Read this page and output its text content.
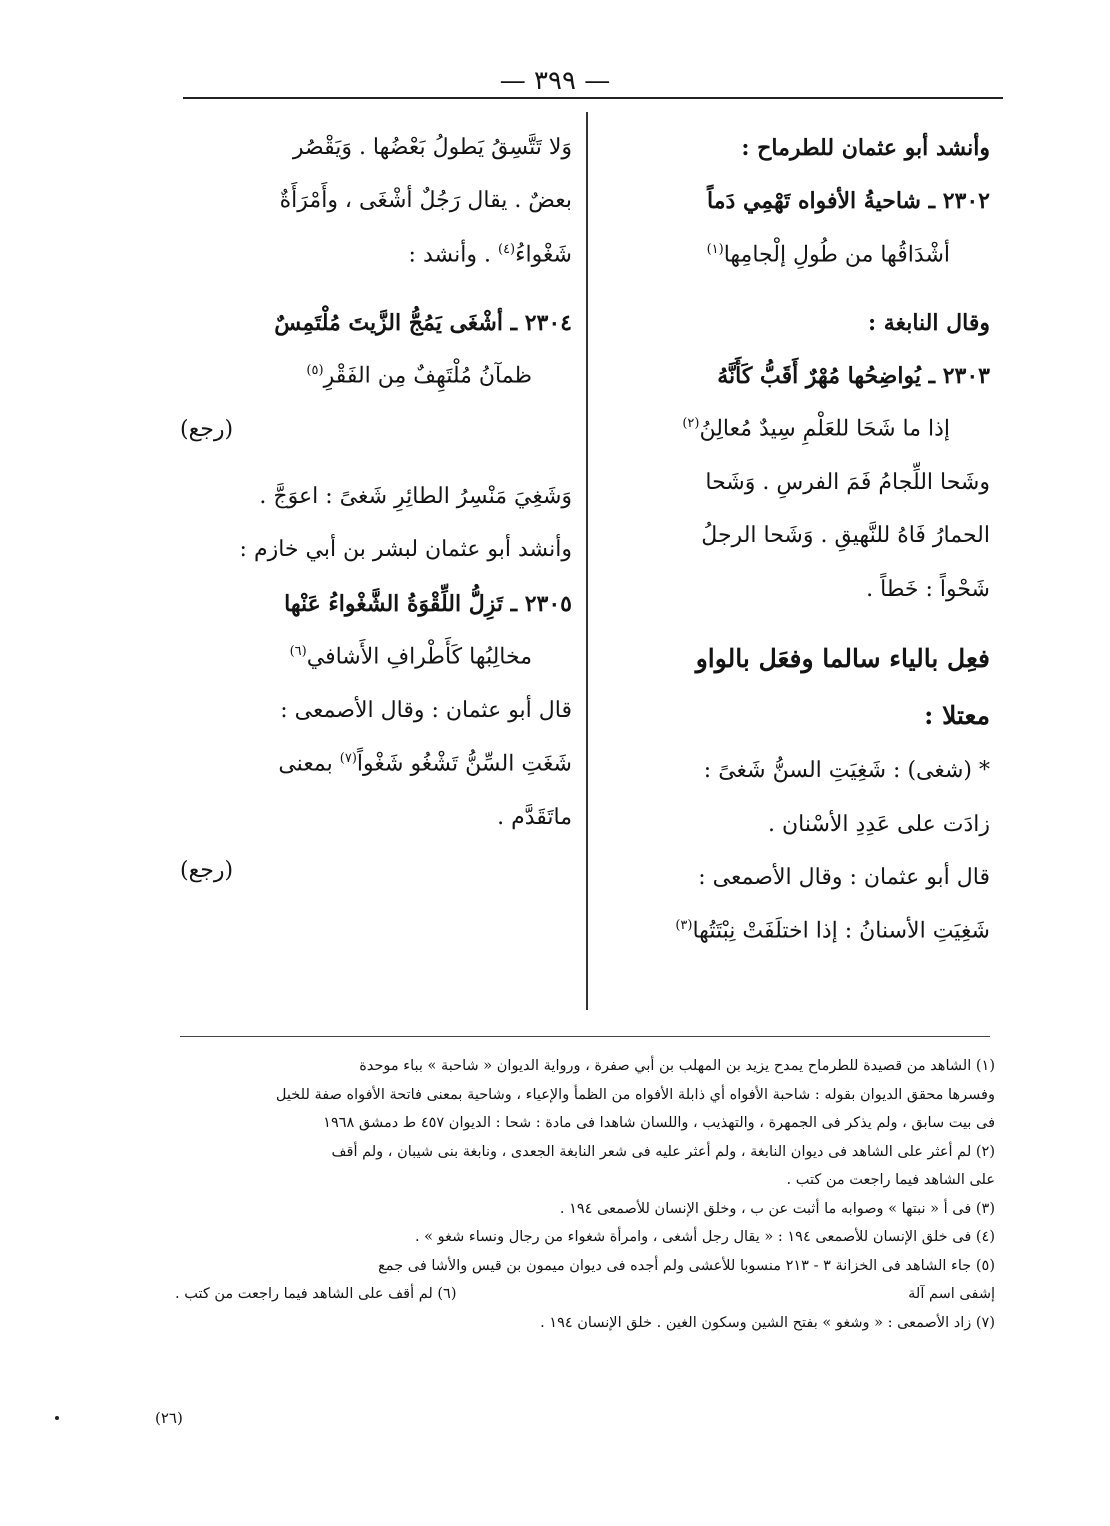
— ٣٩٩ —
وأنشد أبو عثمان للطرماح :
٢٣٠٢ ـ شاحيةُ الأفواه تَهْمِي دَماً
أشْدَاقُها من طُولِ إلْجامِها$^{(١)}$
وقال النابغة :
٢٣٠٣ ـ يُواضِحُها مُهْرٌ أَقَبُّ كَأَنَّهُ
إذا ما شَحَا للعَلْمِ سِيدٌ مُعالِنُ$^{(٢)}$
وشَحا اللِّجامُ فَمَ الفرسِ . وَشَحا
الحمارُ فَاهُ للنَّهيقِ . وَشَحا الرجلُ
شَحْواً : خَطاً .
فعِل بالياء سالما وفعَل بالواو
معتلا :
* (شغى) : شَغِيَتِ السنُّ شَغىً :
زادَت على عَدِدِ الأسْنان .
قال أبو عثمان : وقال الأصمعى :
شَغِيَتِ الأسنانُ : إذا اختلَفَتْ نِبْتَتُها$^{(٣)}$
وَلا تَتَّسِقُ يَطولُ بَعْضُها . وَيَقْصُر
بعضٌ . يقال رَجُلٌ أشْغَى ، وأَمْرَأَةٌ
شَغْواءُ$^{(٤)}$ . وأنشد :
٢٣٠٤ ـ أشْغَى يَمُجُّ الزَّيتَ مُلْتَمِسٌ
ظمآنُ مُلْتَهِفٌ مِن الفَقْرِ$^{(٥)}$
(رجع)
وَشَغِيَ مَنْسِرُ الطائِرِ شَغىً : اعوَجَّ .
وأنشد أبو عثمان لبشر بن أبي خازم :
٢٣٠٥ ـ تَزِلُّ اللِّقْوَةُ الشَّغْواءُ عَنْها
مخالِبُها كَأَطْرافِ الأَشافي$^{(٦)}$
قال أبو عثمان : وقال الأصمعى :
شَغَتِ السِّنُّ تَشْغُو شَغْواً$^{(٧)}$ بمعنى
ماتَقَدَّم .
(رجع)
(١) الشاهد من قصيدة للطرماح يمدح يزيد بن المهلب بن أبي صفرة ، ورواية الديوان « شاحبة » بباء موحدة
وفسرها محقق الديوان بقوله : شاحبة الأفواه أي ذابلة الأفواه من الظمأ والإعياء ، وشاحية بمعنى فاتحة الأفواه صفة للخيل
فى بيت سابق ، ولم يذكر فى الجمهرة ، والتهذيب ، واللسان شاهدا فى مادة : شحا : الديوان ٤٥٧ ط دمشق ١٩٦٨
(٢) لم أعثر على الشاهد فى ديوان النابغة ، ولم أعثر عليه فى شعر النابغة الجعدى ، ونابغة بنى شيبان ، ولم أقف
على الشاهد فيما راجعت من كتب .
(٣) فى أ « نبتها » وصوابه ما أثبت عن ب ، وخلق الإنسان للأصمعى ١٩٤ .
(٤) فى خلق الإنسان للأصمعى ١٩٤ : « يقال رجل أشغى ، وامرأة شغواء من رجال ونساء شغو » .
(٥) جاء الشاهد فى الخزانة ٣ - ٢١٣ منسوبا للأعشى ولم أجده فى ديوان ميمون بن قيس والأشا فى جمع
إشفى اسم آلة
(٦) لم أقف على الشاهد فيما راجعت من كتب .
(٧) زاد الأصمعى : « وشغو » بفتح الشين وسكون الغين . خلق الإنسان ١٩٤ .
(٢٦)
